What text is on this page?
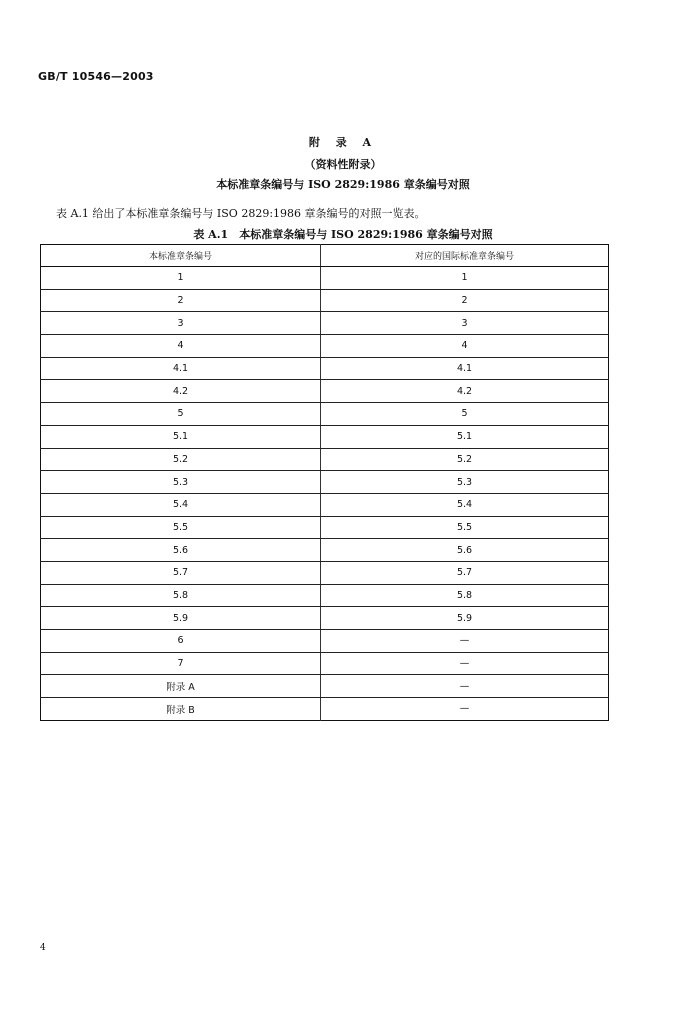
GB/T 10546—2003
附 录 A
（资料性附录）
本标准章条编号与 ISO 2829:1986 章条编号对照
表 A.1 给出了本标准章条编号与 ISO 2829:1986 章条编号的对照一览表。
表 A.1　本标准章条编号与 ISO 2829:1986 章条编号对照
本标准章条编号	对应的国际标准章条编号
1	1
2	2
3	3
4	4
4.1	4.1
4.2	4.2
5	5
5.1	5.1
5.2	5.2
5.3	5.3
5.4	5.4
5.5	5.5
5.6	5.6
5.7	5.7
5.8	5.8
5.9	5.9
6	—
7	—
附录 A	—
附录 B	—
4
